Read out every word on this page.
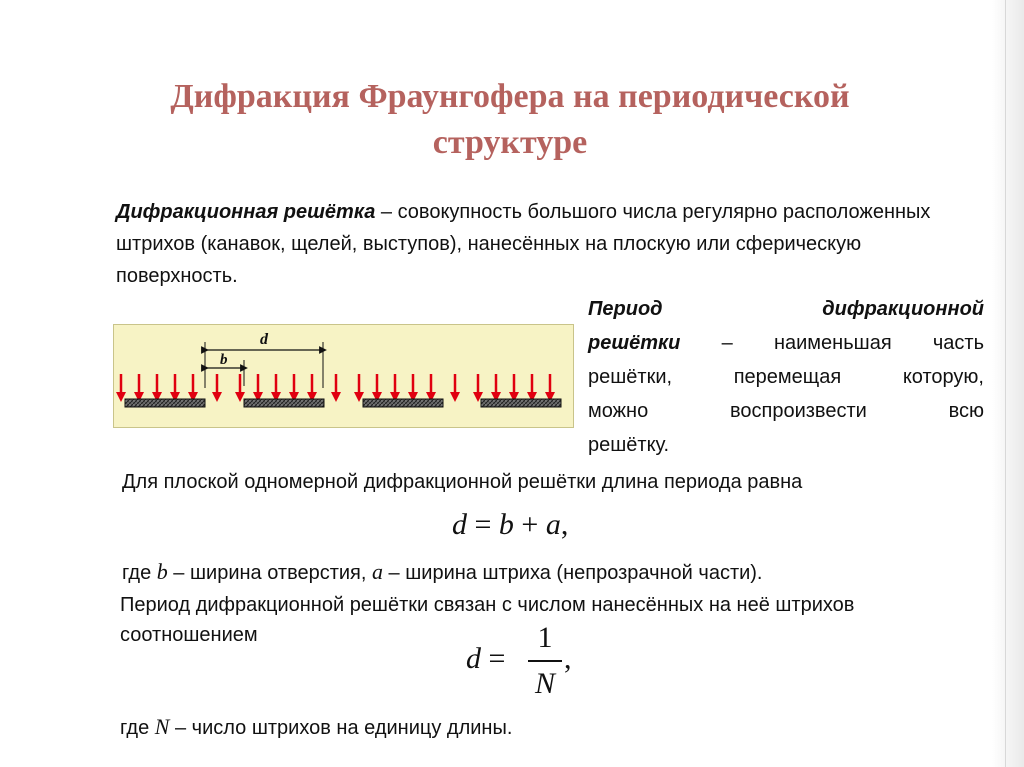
Дифракция Фраунгофера на периодической структуре
Дифракционная решётка – совокупность большого числа регулярно расположенных штрихов (канавок, щелей, выступов), нанесённых на плоскую или сферическую поверхность.
Период	дифракционной
решётки – наименьшая часть
решётки, перемещая которую,
можно воспроизвести всю
решётку.
d
b
Для плоской одномерной дифракционной решётки длина периода равна
d = b + a,
где b – ширина отверстия, a – ширина штриха (непрозрачной части).
Период дифракционной решётки связан с числом нанесённых на неё штрихов соотношением
d =
1
N
,
где N – число штрихов на единицу длины.
